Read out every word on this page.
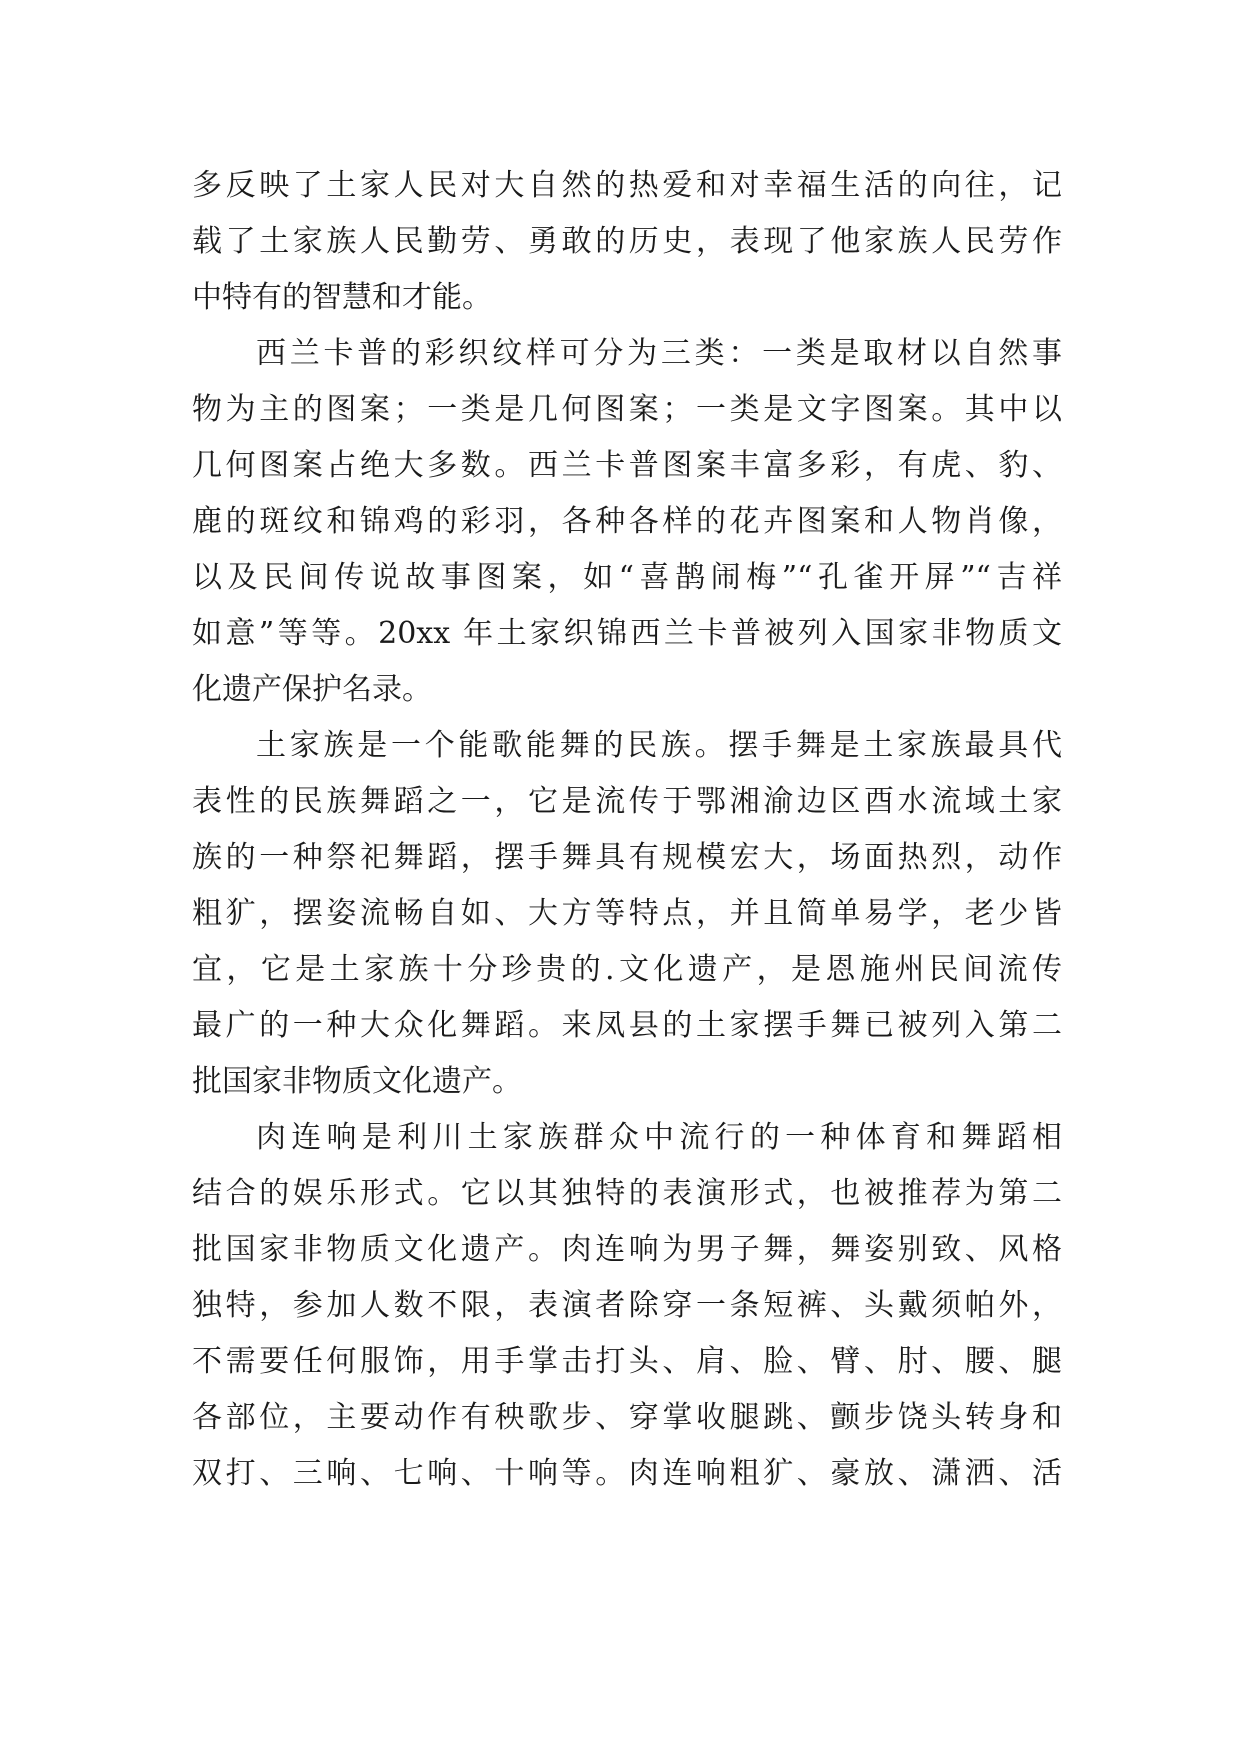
多反映了土家人民对大自然的热爱和对幸福生活的向往，记
载了土家族人民勤劳、勇敢的历史，表现了他家族人民劳作
中特有的智慧和才能。
西兰卡普的彩织纹样可分为三类：一类是取材以自然事
物为主的图案；一类是几何图案；一类是文字图案。其中以
几何图案占绝大多数。西兰卡普图案丰富多彩，有虎、豹、
鹿的斑纹和锦鸡的彩羽，各种各样的花卉图案和人物肖像，
以及民间传说故事图案，如“喜鹊闹梅”“孔雀开屏”“吉祥
如意”等等。20xx 年土家织锦西兰卡普被列入国家非物质文
化遗产保护名录。
土家族是一个能歌能舞的民族。摆手舞是土家族最具代
表性的民族舞蹈之一，它是流传于鄂湘渝边区酉水流域土家
族的一种祭祀舞蹈，摆手舞具有规模宏大，场面热烈，动作
粗犷，摆姿流畅自如、大方等特点，并且简单易学，老少皆
宜，它是土家族十分珍贵的.文化遗产，是恩施州民间流传
最广的一种大众化舞蹈。来凤县的土家摆手舞已被列入第二
批国家非物质文化遗产。
肉连响是利川土家族群众中流行的一种体育和舞蹈相
结合的娱乐形式。它以其独特的表演形式，也被推荐为第二
批国家非物质文化遗产。肉连响为男子舞，舞姿别致、风格
独特，参加人数不限，表演者除穿一条短裤、头戴须帕外，
不需要任何服饰，用手掌击打头、肩、脸、臂、肘、腰、腿
各部位，主要动作有秧歌步、穿掌收腿跳、颤步饶头转身和
双打、三响、七响、十响等。肉连响粗犷、豪放、潇洒、活
